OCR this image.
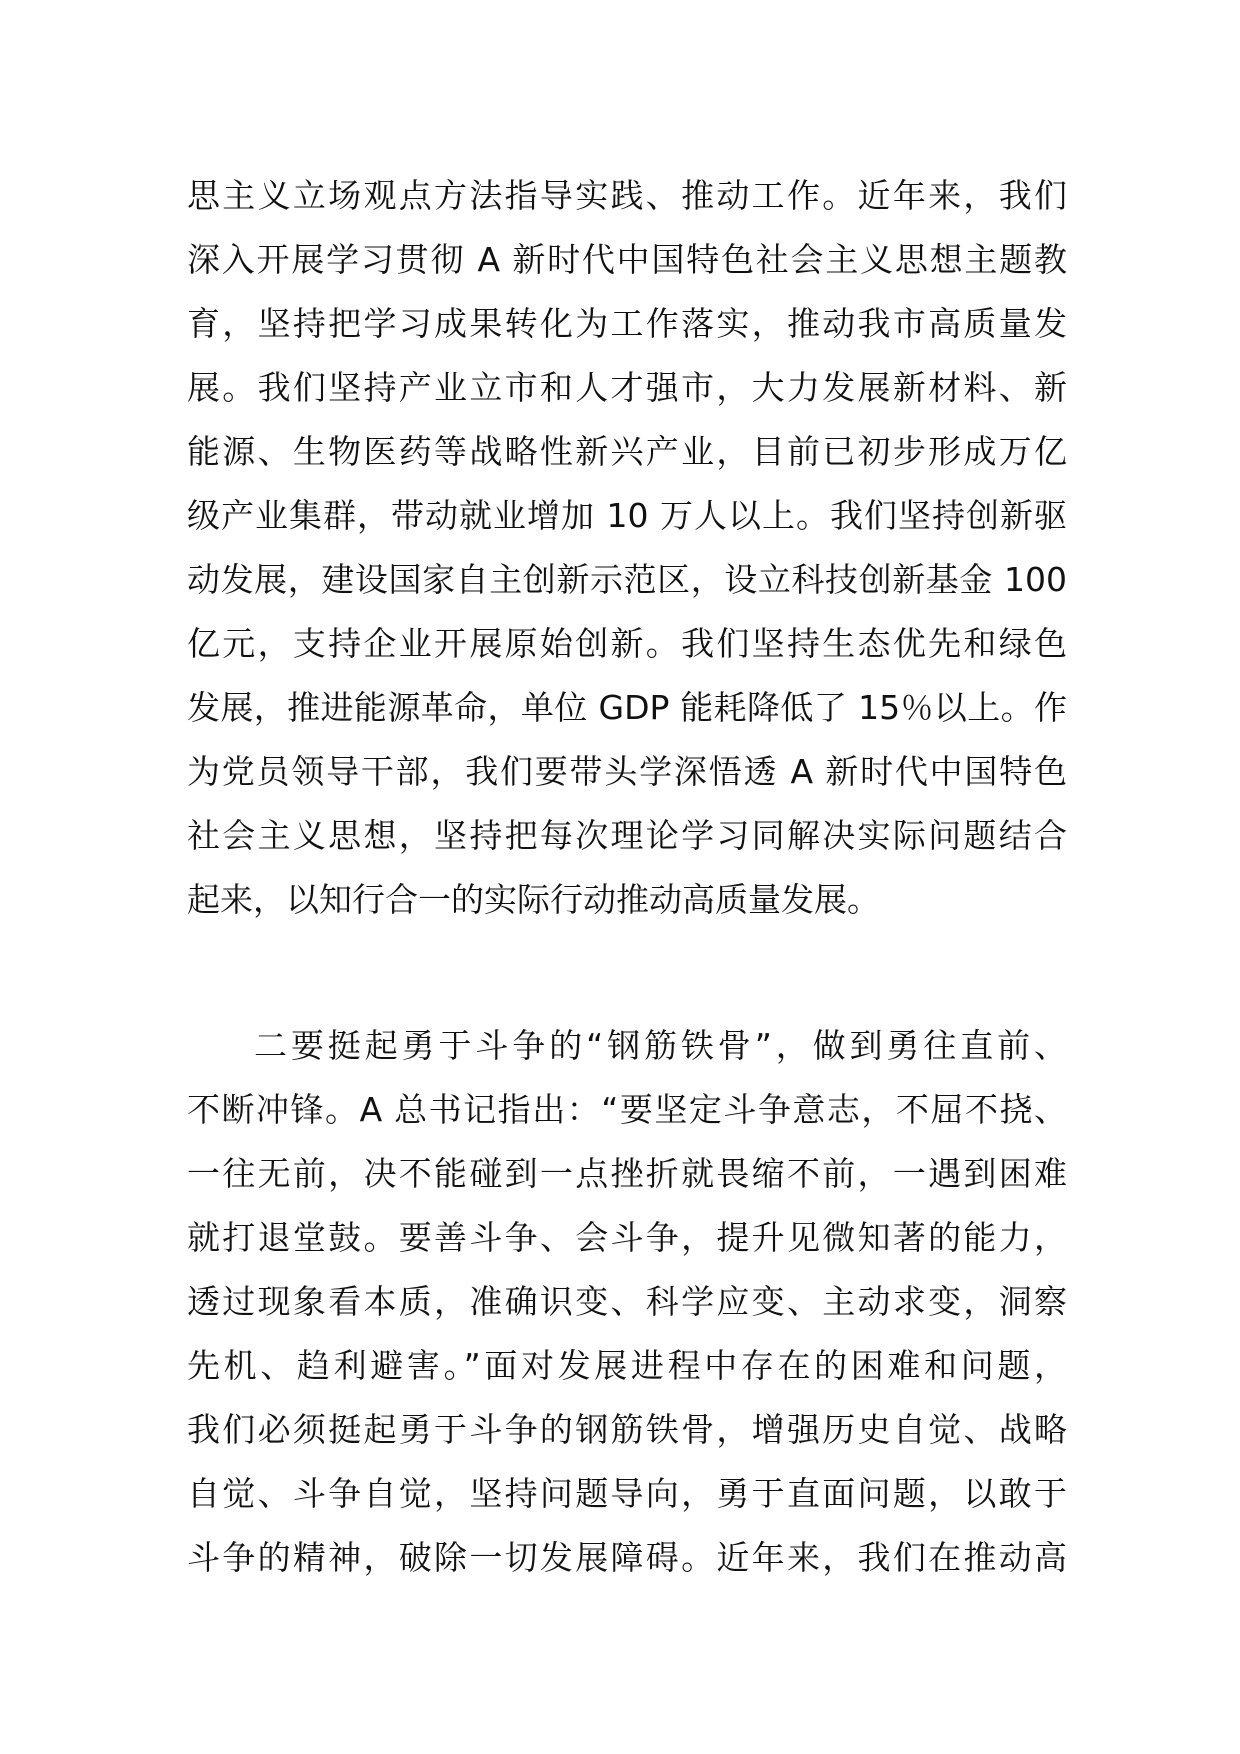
思主义立场观点方法指导实践、推动工作。近年来，我们
深入开展学习贯彻 A 新时代中国特色社会主义思想主题教
育，坚持把学习成果转化为工作落实，推动我市高质量发
展。我们坚持产业立市和人才强市，大力发展新材料、新
能源、生物医药等战略性新兴产业，目前已初步形成万亿
级产业集群，带动就业增加 10 万人以上。我们坚持创新驱
动发展，建设国家自主创新示范区，设立科技创新基金 100
亿元，支持企业开展原始创新。我们坚持生态优先和绿色
发展，推进能源革命，单位 GDP 能耗降低了 15％以上。作
为党员领导干部，我们要带头学深悟透 A 新时代中国特色
社会主义思想，坚持把每次理论学习同解决实际问题结合
起来，以知行合一的实际行动推动高质量发展。
二要挺起勇于斗争的“钢筋铁骨”，做到勇往直前、
不断冲锋。A 总书记指出：“要坚定斗争意志，不屈不挠、
一往无前，决不能碰到一点挫折就畏缩不前，一遇到困难
就打退堂鼓。要善斗争、会斗争，提升见微知著的能力，
透过现象看本质，准确识变、科学应变、主动求变，洞察
先机、趋利避害。”面对发展进程中存在的困难和问题，
我们必须挺起勇于斗争的钢筋铁骨，增强历史自觉、战略
自觉、斗争自觉，坚持问题导向，勇于直面问题，以敢于
斗争的精神，破除一切发展障碍。近年来，我们在推动高
